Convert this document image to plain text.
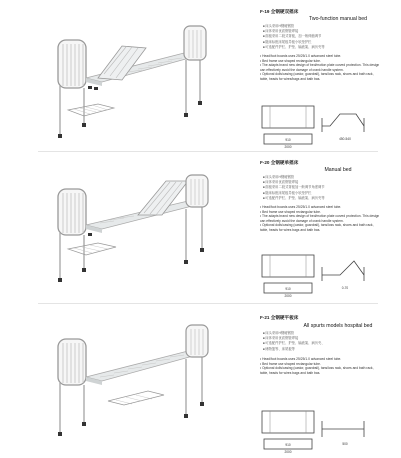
F-19 全钢硬双摇床
Two-function manual bed
■ 床头采用H钢硬钢管
■ 床体采用优质钢管焊接
■ 面板采用二段式背板，加一般伸缩调节
■ 随床标配床尾板导板小软垫护栏
■ 可选配件护栏、护垫、输液架、病历夹等
• Head/foot boards uses 25/25/1.0 advanced steel tube.
• Bed frame use shaped rectangular tube.
• The adapts brand new design of bed/motion plate curved protection. This design can effectively avoid the damage of crank handle system.
• Optional dolls/casing (castor, guardrail), tans/loss rack, shoes and bath rack, table, heads for wires/bags and bath bas.
450-540
2000
910
F-20 全钢硬单摇床
Manual bed
■ 床头采用H钢硬钢管
■ 床体采用优质钢管焊接
■ 面板采用二段式背板加一般调节角度调节
■ 随床标配床尾板导板小软垫护栏
■ 可选配件护栏、护垫、输液架、病历夹等
• Head/foot boards uses 25/25/1.0 advanced steel tube.
• Bed frame use shaped rectangular tube.
• The adapts brand new design of bed/motion plate curved protection. This design can effectively avoid the damage of crank handle system.
• Optional dolls/casing (castor, guardrail), tans/loss rack, shoes and bath rack, table, heads for wires bags and bath bas.
0-70
2000
910
F-21 全钢硬平板床
All spurts models hospital bed
■ 床头采用H钢硬钢管
■ 床体采用优质钢管焊接
■ 可选配件护栏、护垫、输液架、病历夹、
■ 储物篮等、床尾板等
• Head/foot boards uses 25/25/1.0 advanced steel tube.
• Bed frame use shaped rectangular tube.
• Optional dolls/casing (castor, guardrail), tans/loss rack, shoes and bath rack, table, heads for wires bags and bath bas.
500
2000
910
